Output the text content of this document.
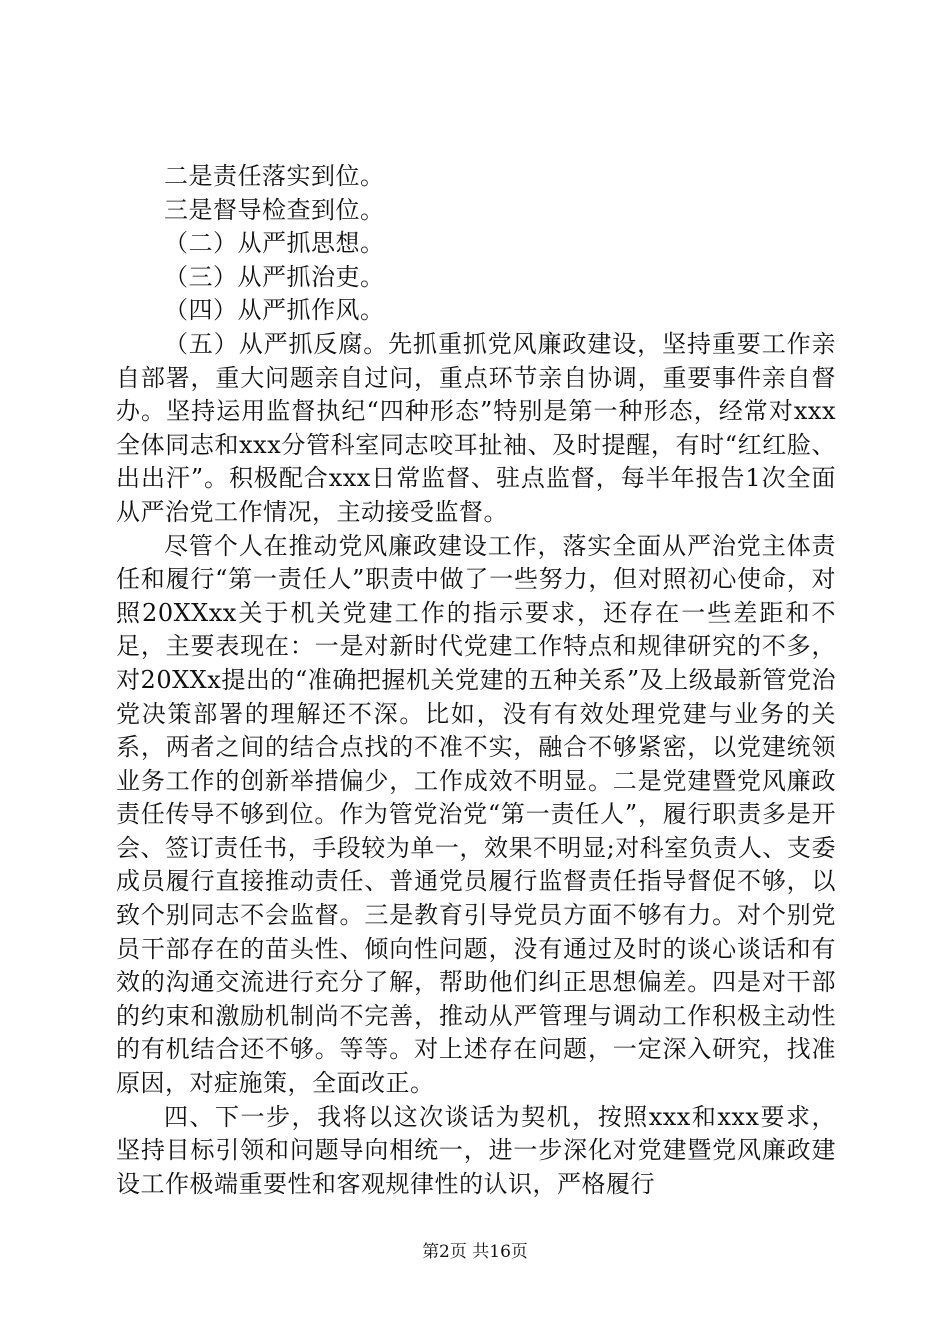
二是责任落实到位。

三是督导检查到位。

（二）从严抓思想。

（三）从严抓治吏。

（四）从严抓作风。

（五）从严抓反腐。先抓重抓党风廉政建设，坚持重要工作亲自部署，重大问题亲自过问，重点环节亲自协调，重要事件亲自督办。坚持运用监督执纪“四种形态”特别是第一种形态，经常对xxx全体同志和xxx分管科室同志咬耳扯袖、及时提醒，有时“红红脸、出出汗”。积极配合xxx日常监督、驻点监督，每半年报告1次全面从严治党工作情况，主动接受监督。

尽管个人在推动党风廉政建设工作，落实全面从严治党主体责任和履行“第一责任人”职责中做了一些努力，但对照初心使命，对照20XXxx关于机关党建工作的指示要求，还存在一些差距和不足，主要表现在：一是对新时代党建工作特点和规律研究的不多，对20XXx提出的“准确把握机关党建的五种关系”及上级最新管党治党决策部署的理解还不深。比如，没有有效处理党建与业务的关系，两者之间的结合点找的不准不实，融合不够紧密，以党建统领业务工作的创新举措偏少，工作成效不明显。二是党建暨党风廉政责任传导不够到位。作为管党治党“第一责任人”，履行职责多是开会、签订责任书，手段较为单一，效果不明显;对科室负责人、支委成员履行直接推动责任、普通党员履行监督责任指导督促不够，以致个别同志不会监督。三是教育引导党员方面不够有力。对个别党员干部存在的苗头性、倾向性问题，没有通过及时的谈心谈话和有效的沟通交流进行充分了解，帮助他们纠正思想偏差。四是对干部的约束和激励机制尚不完善，推动从严管理与调动工作积极主动性的有机结合还不够。等等。对上述存在问题，一定深入研究，找准原因，对症施策，全面改正。

四、下一步，我将以这次谈话为契机，按照xxx和xxx要求，坚持目标引领和问题导向相统一，进一步深化对党建暨党风廉政建设工作极端重要性和客观规律性的认识，严格履行

第2页 共16页
